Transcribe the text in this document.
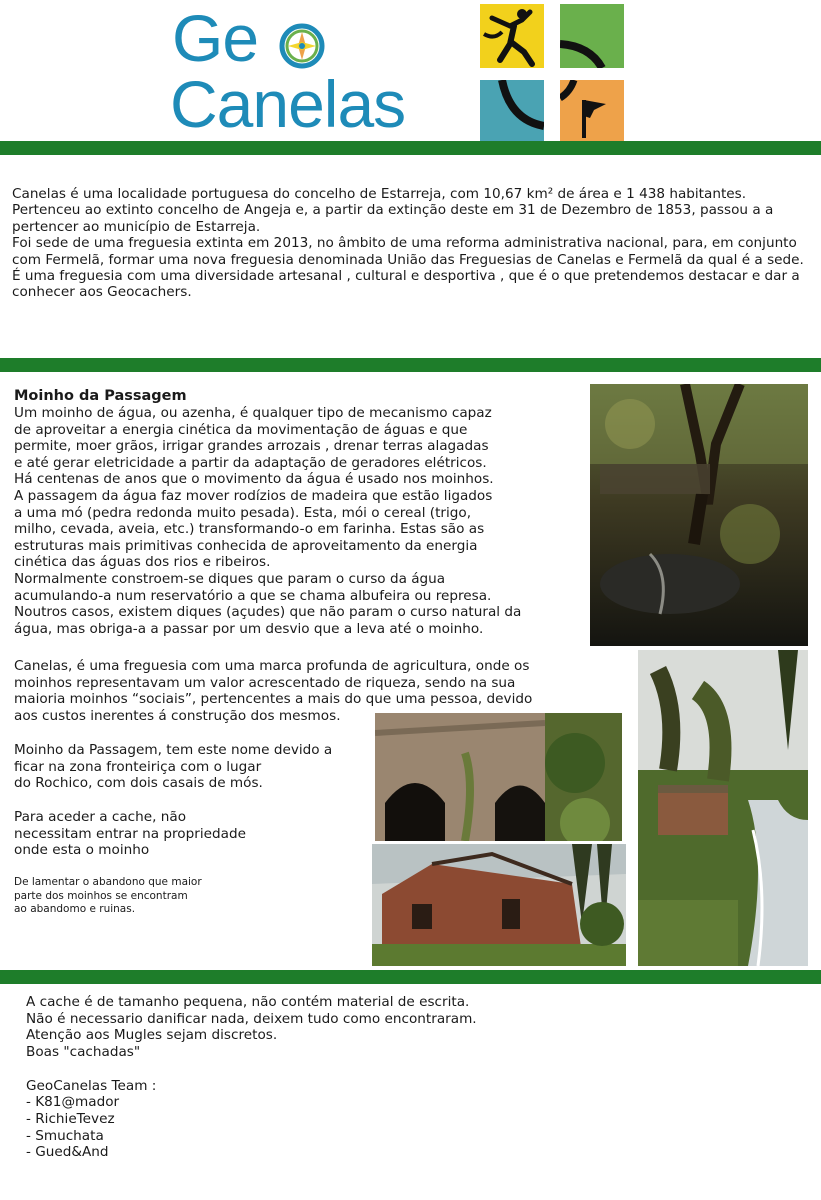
Ge
Canelas

Canelas é uma localidade portuguesa do concelho de Estarreja, com 10,67 km² de área e 1 438 habitantes. Pertenceu ao extinto concelho de Angeja e, a partir da extinção deste em 31 de Dezembro de 1853, passou a a pertencer ao município de Estarreja.

Foi sede de uma freguesia extinta em 2013, no âmbito de uma reforma administrativa nacional, para, em conjunto com Fermelã, formar uma nova freguesia denominada União das Freguesias de Canelas e Fermelã da qual é a sede.

É uma freguesia com uma diversidade artesanal , cultural e desportiva , que é o que pretendemos destacar e dar a conhecer aos Geocachers.

Moinho da Passagem

Um moinho de água, ou azenha, é qualquer tipo de mecanismo capaz
de aproveitar a energia cinética da movimentação de águas e que
permite, moer grãos, irrigar grandes arrozais , drenar terras alagadas
e até gerar eletricidade a partir da adaptação de geradores elétricos.
Há centenas de anos que o movimento da água é usado nos moinhos.
A passagem da água faz mover rodízios de madeira que estão ligados
a uma mó (pedra redonda muito pesada). Esta, mói o cereal (trigo,
milho, cevada, aveia, etc.) transformando-o em farinha. Estas são as
estruturas mais primitivas conhecida de aproveitamento da energia
cinética das águas dos rios e ribeiros.
Normalmente constroem-se diques que param o curso da água
acumulando-a num reservatório a que se chama albufeira ou represa.
Noutros casos, existem diques (açudes) que não param o curso natural da
água, mas obriga-a a passar por um desvio que a leva até o moinho.

Canelas, é uma freguesia com uma marca profunda de agricultura, onde os
moinhos representavam um valor acrescentado de riqueza, sendo na sua
maioria moinhos “sociais”, pertencentes a mais do que uma pessoa, devido
aos custos inerentes á construção dos mesmos.

Moinho da Passagem, tem este nome devido a
ficar na zona fronteiriça com o lugar
do Rochico, com dois casais de mós.

Para aceder a cache, não
necessitam entrar na propriedade
onde esta o moinho

De lamentar o abandono que maior
parte dos moinhos se encontram
ao abandomo e ruinas.

A cache é de tamanho pequena, não contém material de escrita.
Não é necessario danificar nada, deixem tudo como encontraram.
Atenção aos Mugles sejam discretos.
Boas "cachadas"

GeoCanelas Team :
- K81@mador
- RichieTevez
- Smuchata
- Gued&And
